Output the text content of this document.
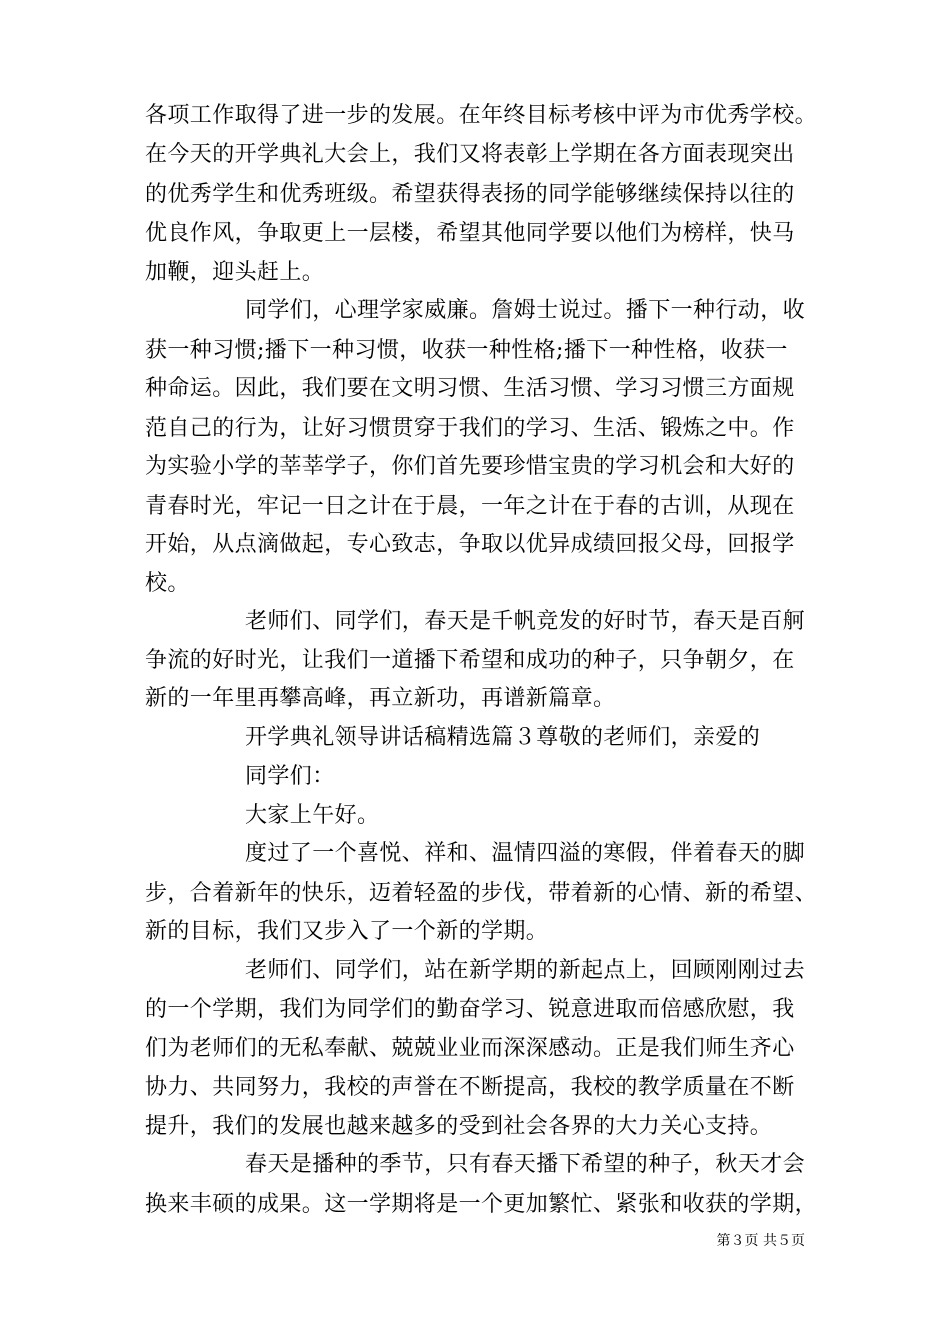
各项工作取得了进一步的发展。在年终目标考核中评为市优秀学校。
在今天的开学典礼大会上，我们又将表彰上学期在各方面表现突出
的优秀学生和优秀班级。希望获得表扬的同学能够继续保持以往的
优良作风，争取更上一层楼，希望其他同学要以他们为榜样，快马
加鞭，迎头赶上。
同学们，心理学家威廉。詹姆士说过。播下一种行动，收
获一种习惯;播下一种习惯，收获一种性格;播下一种性格，收获一
种命运。因此，我们要在文明习惯、生活习惯、学习习惯三方面规
范自己的行为，让好习惯贯穿于我们的学习、生活、锻炼之中。作
为实验小学的莘莘学子，你们首先要珍惜宝贵的学习机会和大好的
青春时光，牢记一日之计在于晨，一年之计在于春的古训，从现在
开始，从点滴做起，专心致志，争取以优异成绩回报父母，回报学
校。
老师们、同学们，春天是千帆竞发的好时节，春天是百舸
争流的好时光，让我们一道播下希望和成功的种子，只争朝夕，在
新的一年里再攀高峰，再立新功，再谱新篇章。
开学典礼领导讲话稿精选篇３尊敬的老师们，亲爱的
同学们：
大家上午好。
度过了一个喜悦、祥和、温情四溢的寒假，伴着春天的脚
步，合着新年的快乐，迈着轻盈的步伐，带着新的心情、新的希望、
新的目标，我们又步入了一个新的学期。
老师们、同学们，站在新学期的新起点上，回顾刚刚过去
的一个学期，我们为同学们的勤奋学习、锐意进取而倍感欣慰，我
们为老师们的无私奉献、兢兢业业而深深感动。正是我们师生齐心
协力、共同努力，我校的声誉在不断提高，我校的教学质量在不断
提升，我们的发展也越来越多的受到社会各界的大力关心支持。
春天是播种的季节，只有春天播下希望的种子，秋天才会
换来丰硕的成果。这一学期将是一个更加繁忙、紧张和收获的学期，
第３页 共５页
